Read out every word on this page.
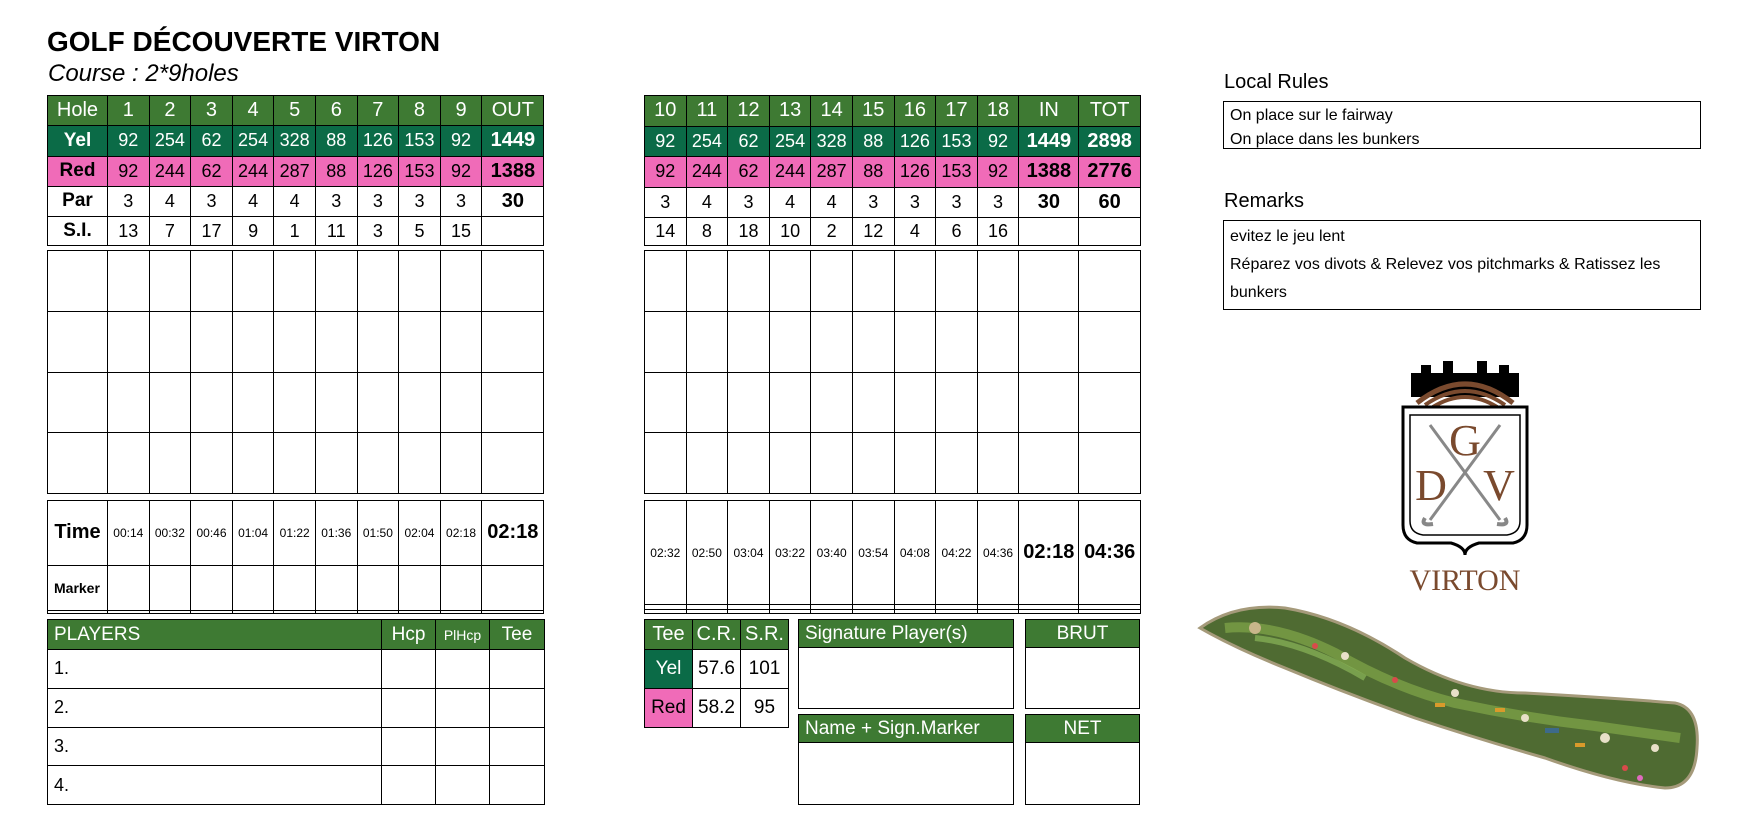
GOLF DÉCOUVERTE VIRTON
Course : 2*9holes
Hole	1	2	3	4	5	6	7	8	9	OUT
Yel	92	254	62	254	328	88	126	153	92	1449
Red	92	244	62	244	287	88	126	153	92	1388
Par	3	4	3	4	4	3	3	3	3	30
S.I.	13	7	17	9	1	11	3	5	15	
10	11	12	13	14	15	16	17	18	IN	TOT
92	254	62	254	328	88	126	153	92	1449	2898
92	244	62	244	287	88	126	153	92	1388	2776
3	4	3	4	4	3	3	3	3	30	60
14	8	18	10	2	12	4	6	16		

Time	00:14	00:32	00:46	01:04	01:22	01:36	01:50	02:04	02:18	02:18
Marker										

02:32	02:50	03:04	03:22	03:40	03:54	04:08	04:22	04:36	02:18	04:36

PLAYERS	Hcp	PlHcp	Tee
1.			
2.			
3.			
4.			
Tee	C.R.	S.R.
Yel	57.6	101
Red	58.2	95
Signature Player(s)	BRUT
Name + Sign.Marker	NET
Local Rules
On place sur le fairway
On place dans les bunkers
Remarks
evitez le jeu lent
Réparez vos divots & Relevez vos pitchmarks & Ratissez les bunkers
G
D V
VIRTON
